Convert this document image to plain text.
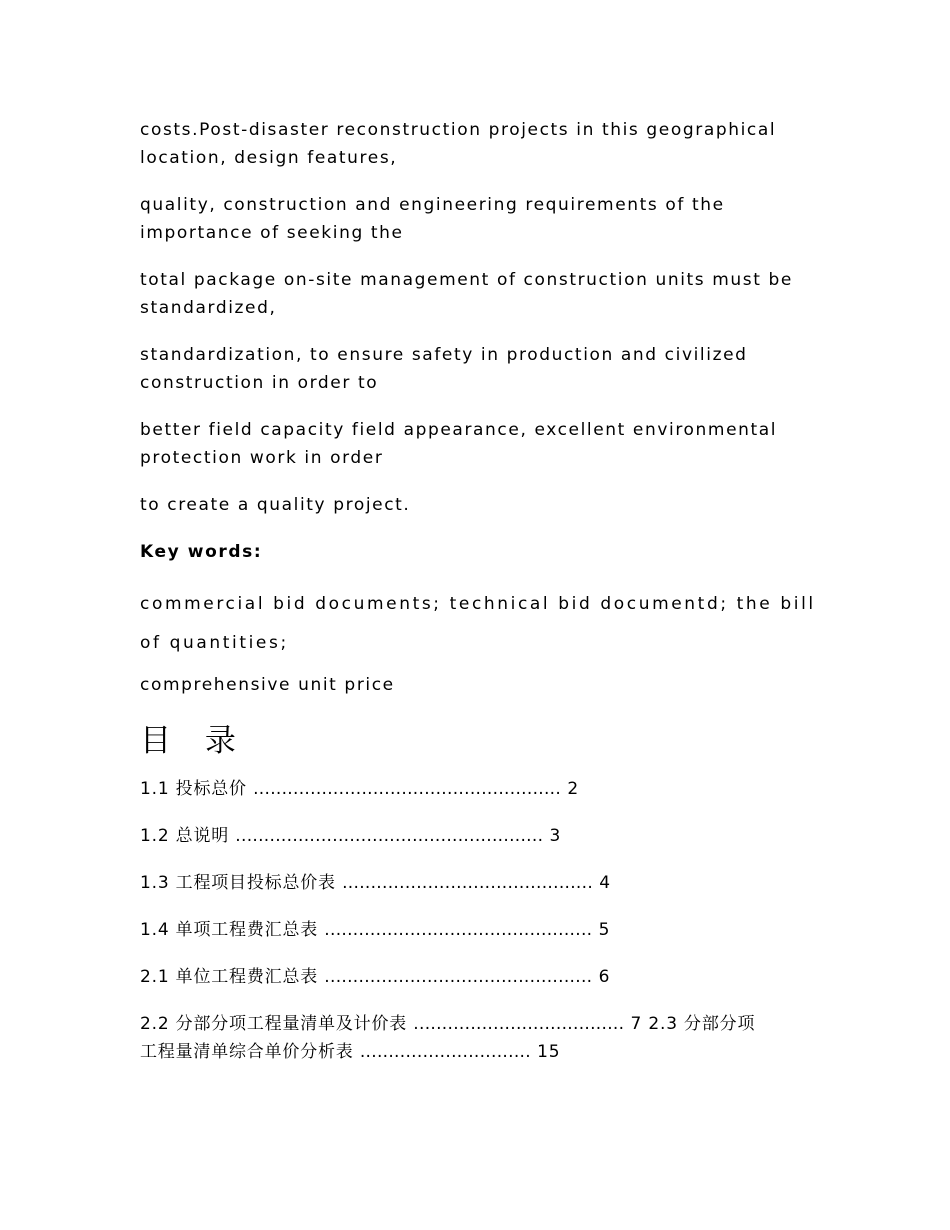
costs.Post-disaster reconstruction projects in this geographical
location, design features,

quality, construction and engineering requirements of the
importance of seeking the

total package on-site management of construction units must be
standardized,

standardization, to ensure safety in production and civilized
construction in order to

better field capacity field appearance, excellent environmental
protection work in order

to create a quality project.

Key words:

commercial bid documents; technical bid documentd; the bill
of quantities;

comprehensive unit price

目 录

1.1 投标总价 ...................................................... 2

1.2 总说明 ...................................................... 3

1.3 工程项目投标总价表 ............................................ 4

1.4 单项工程费汇总表 ............................................... 5

2.1 单位工程费汇总表 ............................................... 6

2.2 分部分项工程量清单及计价表 ..................................... 7 2.3 分部分项
工程量清单综合单价分析表 .............................. 15
